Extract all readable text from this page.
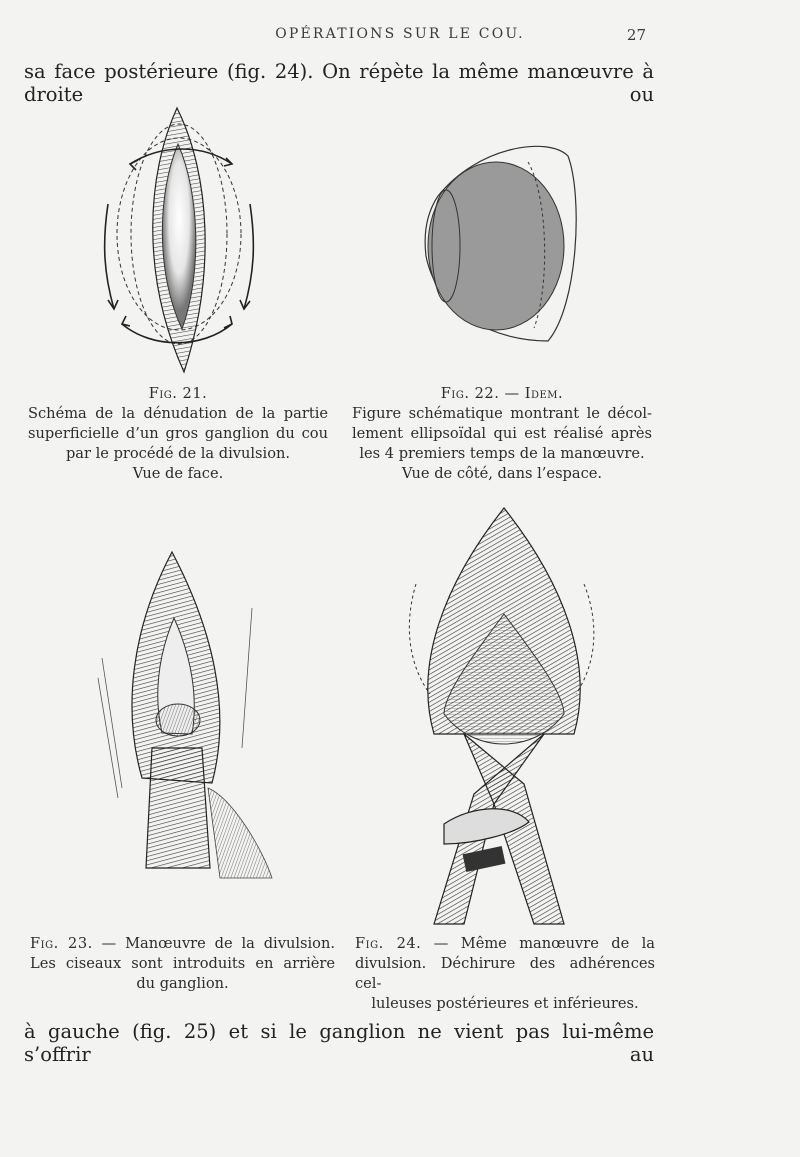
OPÉRATIONS SUR LE COU.	27
sa face postérieure (fig. 24). On répète la même manœuvre à droite ou
Fig. 21.
Schéma de la dénudation de la partie
superficielle d’un gros ganglion du cou
par le procédé de la divulsion.
Vue de face.
Fig. 22. — Idem.
Figure schématique montrant le décol-
lement ellipsoïdal qui est réalisé après
les 4 premiers temps de la manœuvre.
Vue de côté, dans l’espace.
Fig. 23. — Manœuvre de la divulsion.
Les ciseaux sont introduits en arrière
du ganglion.
Fig. 24. — Même manœuvre de la
divulsion. Déchirure des adhérences cel-
luleuses postérieures et inférieures.
à gauche (fig. 25) et si le ganglion ne vient pas lui-même s’offrir au
